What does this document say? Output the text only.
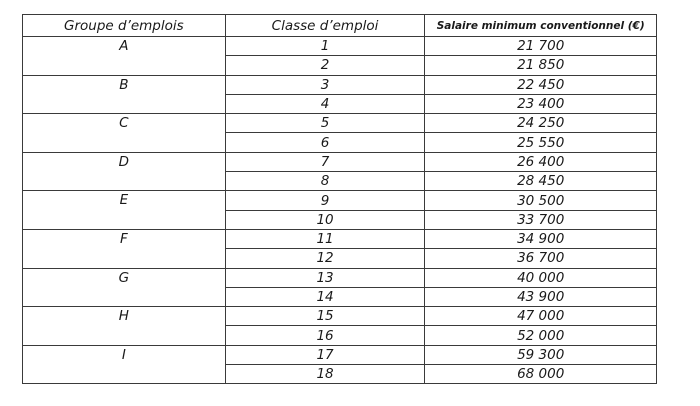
Groupe d’emplois	Classe d’emploi	Salaire minimum conventionnel (€)
A	1	21 700
	2	21 850
B	3	22 450
	4	23 400
C	5	24 250
	6	25 550
D	7	26 400
	8	28 450
E	9	30 500
	10	33 700
F	11	34 900
	12	36 700
G	13	40 000
	14	43 900
H	15	47 000
	16	52 000
I	17	59 300
	18	68 000
